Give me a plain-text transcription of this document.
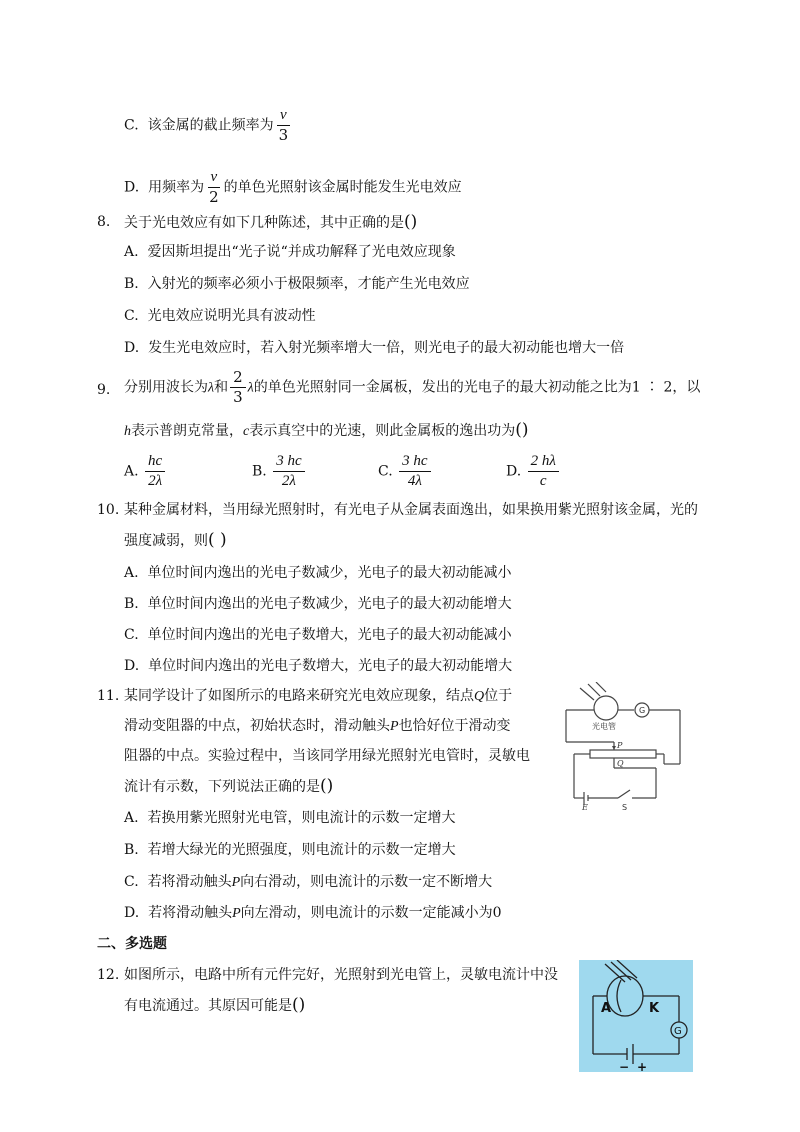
C. 该金属的截止频率为 $\frac{v}{3}$
D. 用频率为 $\frac{v}{2}$ 的单色光照射该金属时能发生光电效应
8. 关于光电效应有如下几种陈述，其中正确的是()
A. 爱因斯坦提出“光子说“并成功解释了光电效应现象
B. 入射光的频率必须小于极限频率，才能产生光电效应
C. 光电效应说明光具有波动性
D. 发生光电效应时，若入射光频率增大一倍，则光电子的最大初动能也增大一倍
9. 分别用波长为λ和 $\frac{2}{3}$ λ的单色光照射同一金属板，发出的光电子的最大初动能之比为1 ∶ 2，以
h表示普朗克常量，c表示真空中的光速，则此金属板的逸出功为()
A. $\frac{hc}{2\lambda}$	B. $\frac{3 hc}{2\lambda}$	C. $\frac{3 hc}{4\lambda}$	D. $\frac{2 h\lambda}{c}$
10. 某种金属材料，当用绿光照射时，有光电子从金属表面逸出，如果换用紫光照射该金属，光的
强度减弱，则( )
A. 单位时间内逸出的光电子数减少，光电子的最大初动能减小
B. 单位时间内逸出的光电子数减少，光电子的最大初动能增大
C. 单位时间内逸出的光电子数增大，光电子的最大初动能减小
D. 单位时间内逸出的光电子数增大，光电子的最大初动能增大
11. 某同学设计了如图所示的电路来研究光电效应现象，结点Q位于
滑动变阻器的中点，初始状态时，滑动触头P也恰好位于滑动变
阻器的中点。实验过程中，当该同学用绿光照射光电管时，灵敏电
流计有示数，下列说法正确的是()
A. 若换用紫光照射光电管，则电流计的示数一定增大
B. 若增大绿光的光照强度，则电流计的示数一定增大
C. 若将滑动触头P向右滑动，则电流计的示数一定不断增大
D. 若将滑动触头P向左滑动，则电流计的示数一定能减小为0
光电管
G
P
Q
E	S
二、多选题
12. 如图所示，电路中所有元件完好，光照射到光电管上，灵敏电流计中没
有电流通过。其原因可能是()	A	K
G
− +
